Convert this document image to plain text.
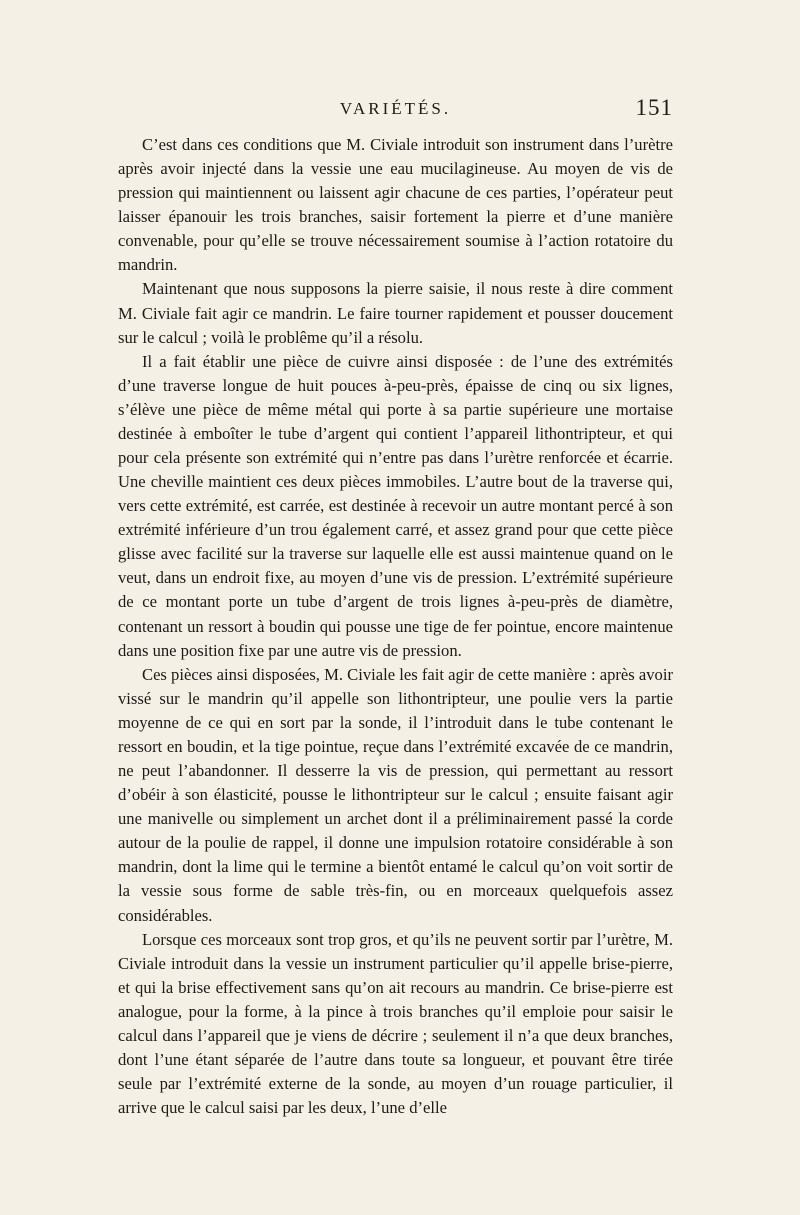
VARIÉTÉS.	151

C’est dans ces conditions que M. Civiale introduit son instrument dans l’urètre après avoir injecté dans la vessie une eau mucilagineuse. Au moyen de vis de pression qui maintiennent ou laissent agir chacune de ces parties, l’opérateur peut laisser épanouir les trois branches, saisir fortement la pierre et d’une manière convenable, pour qu’elle se trouve nécessairement soumise à l’action rotatoire du mandrin.

Maintenant que nous supposons la pierre saisie, il nous reste à dire comment M. Civiale fait agir ce mandrin. Le faire tourner rapidement et pousser doucement sur le calcul ; voilà le problême qu’il a résolu.

Il a fait établir une pièce de cuivre ainsi disposée : de l’une des extrémités d’une traverse longue de huit pouces à-peu-près, épaisse de cinq ou six lignes, s’élève une pièce de même métal qui porte à sa partie supérieure une mortaise destinée à emboîter le tube d’argent qui contient l’appareil lithontripteur, et qui pour cela présente son extrémité qui n’entre pas dans l’urètre renforcée et écarrie. Une cheville maintient ces deux pièces immobiles. L’autre bout de la traverse qui, vers cette extrémité, est carrée, est destinée à recevoir un autre montant percé à son extrémité inférieure d’un trou également carré, et assez grand pour que cette pièce glisse avec facilité sur la traverse sur laquelle elle est aussi maintenue quand on le veut, dans un endroit fixe, au moyen d’une vis de pression. L’extrémité supérieure de ce montant porte un tube d’argent de trois lignes à-peu-près de diamètre, contenant un ressort à boudin qui pousse une tige de fer pointue, encore maintenue dans une position fixe par une autre vis de pression.

Ces pièces ainsi disposées, M. Civiale les fait agir de cette manière : après avoir vissé sur le mandrin qu’il appelle son lithontripteur, une poulie vers la partie moyenne de ce qui en sort par la sonde, il l’introduit dans le tube contenant le ressort en boudin, et la tige pointue, reçue dans l’extrémité excavée de ce mandrin, ne peut l’abandonner. Il desserre la vis de pression, qui permettant au ressort d’obéir à son élasticité, pousse le lithontripteur sur le calcul ; ensuite faisant agir une manivelle ou simplement un archet dont il a préliminairement passé la corde autour de la poulie de rappel, il donne une impulsion rotatoire considérable à son mandrin, dont la lime qui le termine a bientôt entamé le calcul qu’on voit sortir de la vessie sous forme de sable très-fin, ou en morceaux quelquefois assez considérables.

Lorsque ces morceaux sont trop gros, et qu’ils ne peuvent sortir par l’urètre, M. Civiale introduit dans la vessie un instrument particulier qu’il appelle brise-pierre, et qui la brise effectivement sans qu’on ait recours au mandrin. Ce brise-pierre est analogue, pour la forme, à la pince à trois branches qu’il emploie pour saisir le calcul dans l’appareil que je viens de décrire ; seulement il n’a que deux branches, dont l’une étant séparée de l’autre dans toute sa longueur, et pouvant être tirée seule par l’extrémité externe de la sonde, au moyen d’un rouage particulier, il arrive que le calcul saisi par les deux, l’une d’elle
